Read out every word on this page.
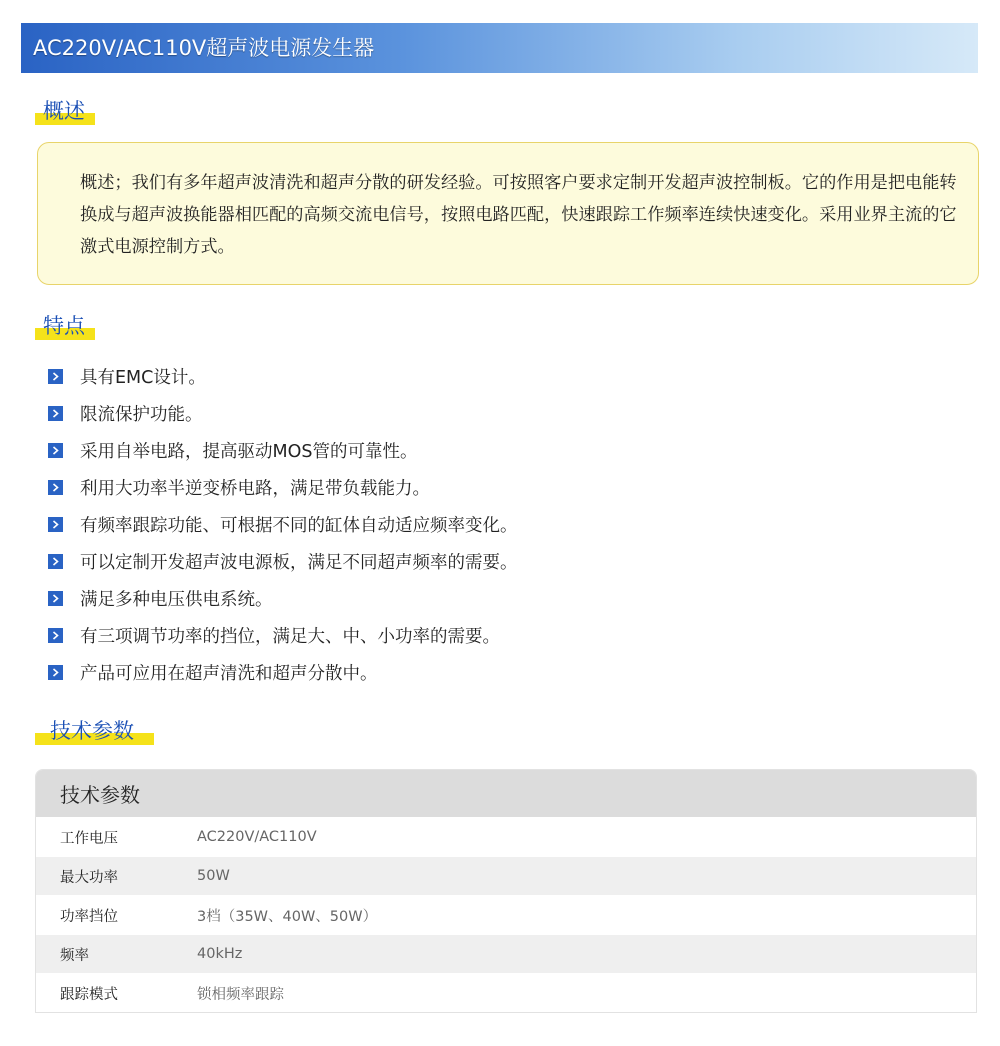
AC220V/AC110V超声波电源发生器
概述
概述；我们有多年超声波清洗和超声分散的研发经验。可按照客户要求定制开发超声波控制板。它的作用是把电能转换成与超声波换能器相匹配的高频交流电信号，按照电路匹配，快速跟踪工作频率连续快速变化。采用业界主流的它激式电源控制方式。
特点
具有EMC设计。
限流保护功能。
采用自举电路，提高驱动MOS管的可靠性。
利用大功率半逆变桥电路，满足带负载能力。
有频率跟踪功能、可根据不同的缸体自动适应频率变化。
可以定制开发超声波电源板，满足不同超声频率的需要。
满足多种电压供电系统。
有三项调节功率的挡位，满足大、中、小功率的需要。
产品可应用在超声清洗和超声分散中。
技术参数
技术参数
工作电压	AC220V/AC110V
最大功率	50W
功率挡位	3档（35W、40W、50W）
频率	40kHz
跟踪模式	锁相频率跟踪
